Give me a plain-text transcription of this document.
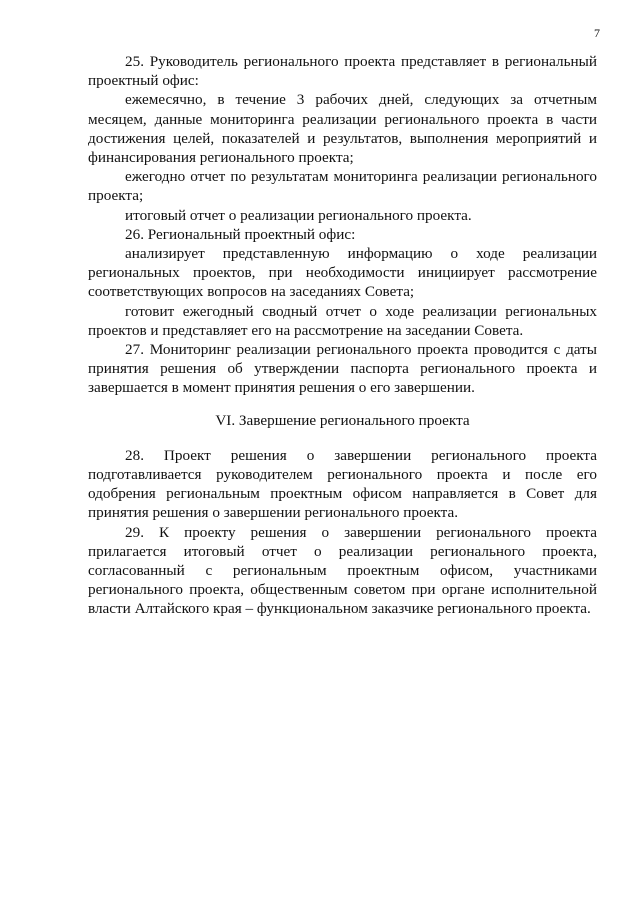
7

25. Руководитель регионального проекта представляет в региональный проектный офис:

ежемесячно, в течение 3 рабочих дней, следующих за отчетным месяцем, данные мониторинга реализации регионального проекта в части достижения целей, показателей и результатов, выполнения мероприятий и финансирования регионального проекта;

ежегодно отчет по результатам мониторинга реализации регионального проекта;

итоговый отчет о реализации регионального проекта.

26. Региональный проектный офис:

анализирует представленную информацию о ходе реализации региональных проектов, при необходимости инициирует рассмотрение соответствующих вопросов на заседаниях Совета;

готовит ежегодный сводный отчет о ходе реализации региональных проектов и представляет его на рассмотрение на заседании Совета.

27. Мониторинг реализации регионального проекта проводится с даты принятия решения об утверждении паспорта регионального проекта и завершается в момент принятия решения о его завершении.

VI. Завершение регионального проекта

28. Проект решения о завершении регионального проекта подготавливается руководителем регионального проекта и после его одобрения региональным проектным офисом направляется в Совет для принятия решения о завершении регионального проекта.

29. К проекту решения о завершении регионального проекта прилагается итоговый отчет о реализации регионального проекта, согласованный с региональным проектным офисом, участниками регионального проекта, общественным советом при органе исполнительной власти Алтайского края – функциональном заказчике регионального проекта.
